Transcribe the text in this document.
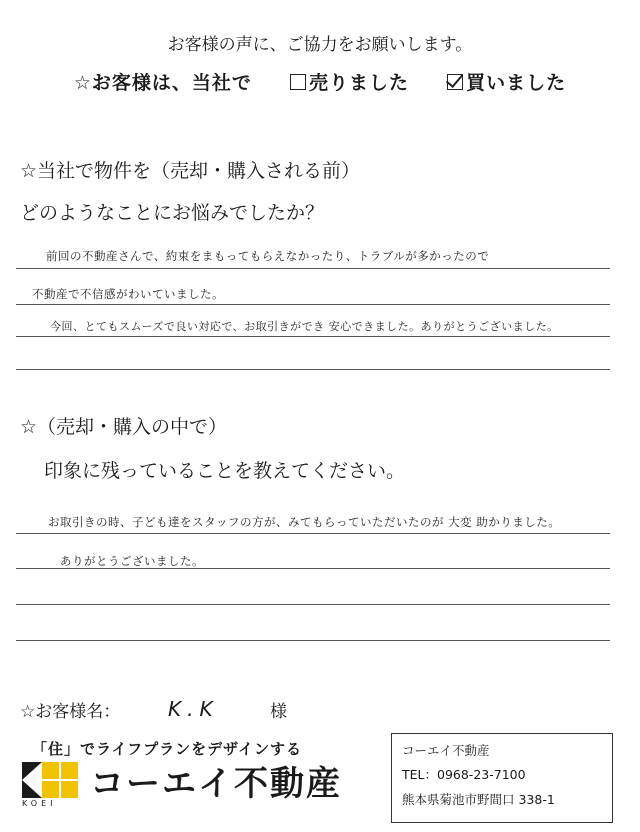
お客様の声に、ご協力をお願いします。
☆お客様は、当社で	売りました	買いました
☆当社で物件を（売却・購入される前）
どのようなことにお悩みでしたか？
前回の不動産さんで、約束をまもってもらえなかったり、トラブルが多かったので
不動産で不信感がわいていました。
今回、とてもスムーズで良い対応で、お取引きができ 安心できました。ありがとうございました。
☆（売却・購入の中で）
印象に残っていることを教えてください。
お取引きの時、子ども達をスタッフの方が、みてもらっていただいたのが 大変 助かりました。
ありがとうございました。
☆お客様名： K.K	様
「住」でライフプランをデザインする
KOEI コーエイ不動産
コーエイ不動産
TEL：0968-23-7100
熊本県菊池市野間口 338-1
